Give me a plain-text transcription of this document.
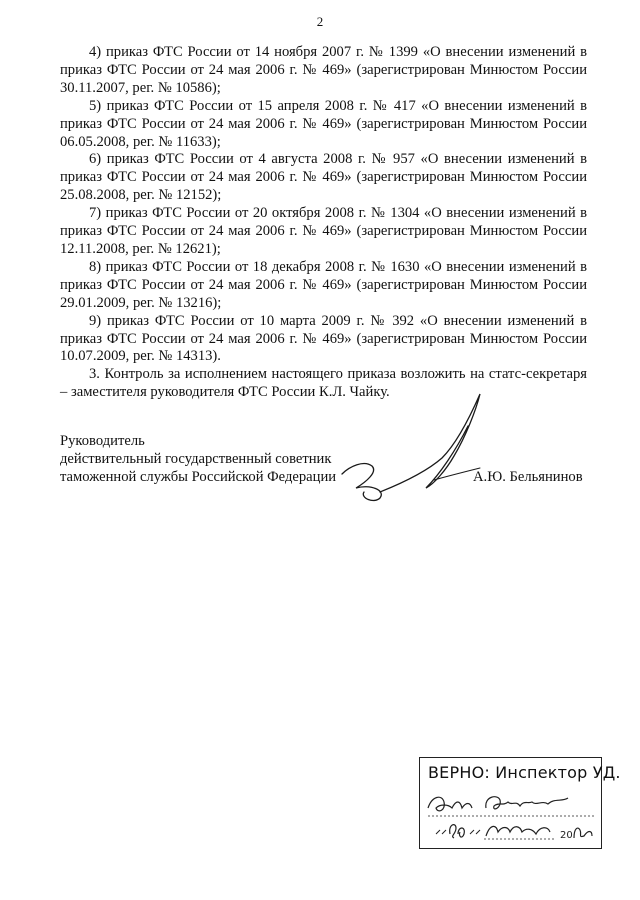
2

4) приказ ФТС России от 14 ноября 2007 г. № 1399 «О внесении изменений в приказ ФТС России от 24 мая 2006 г. № 469» (зарегистрирован Минюстом России 30.11.2007, рег. № 10586);

5) приказ ФТС России от 15 апреля 2008 г. № 417 «О внесении изменений в приказ ФТС России от 24 мая 2006 г. № 469» (зарегистрирован Минюстом России 06.05.2008, рег. № 11633);

6) приказ ФТС России от 4 августа 2008 г. № 957 «О внесении изменений в приказ ФТС России от 24 мая 2006 г. № 469» (зарегистрирован Минюстом России 25.08.2008, рег. № 12152);

7) приказ ФТС России от 20 октября 2008 г. № 1304 «О внесении изменений в приказ ФТС России от 24 мая 2006 г. № 469» (зарегистрирован Минюстом России 12.11.2008, рег. № 12621);

8) приказ ФТС России от 18 декабря 2008 г. № 1630 «О внесении изменений в приказ ФТС России от 24 мая 2006 г. № 469» (зарегистрирован Минюстом России 29.01.2009, рег. № 13216);

9) приказ ФТС России от 10 марта 2009 г. № 392 «О внесении изменений в приказ ФТС России от 24 мая 2006 г. № 469» (зарегистрирован Минюстом России 10.07.2009, рег. № 14313).

3. Контроль за исполнением настоящего приказа возложить на статс-секретаря – заместителя руководителя ФТС России К.Л. Чайку.

Руководитель
действительный государственный советник
таможенной службы Российской Федерации	А.Ю. Бельянинов
ВЕРНО: Инспектор УД.
20
